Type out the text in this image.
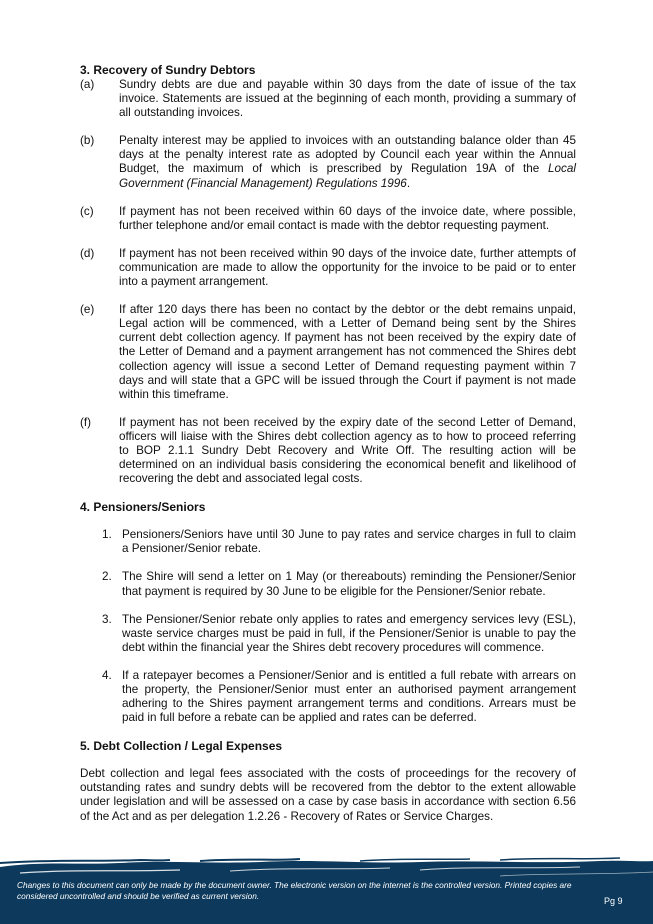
3. Recovery of Sundry Debtors
(a)	Sundry debts are due and payable within 30 days from the date of issue of the tax invoice. Statements are issued at the beginning of each month, providing a summary of all outstanding invoices.
(b)	Penalty interest may be applied to invoices with an outstanding balance older than 45 days at the penalty interest rate as adopted by Council each year within the Annual Budget, the maximum of which is prescribed by Regulation 19A of the Local Government (Financial Management) Regulations 1996.
(c)	If payment has not been received within 60 days of the invoice date, where possible, further telephone and/or email contact is made with the debtor requesting payment.
(d)	If payment has not been received within 90 days of the invoice date, further attempts of communication are made to allow the opportunity for the invoice to be paid or to enter into a payment arrangement.
(e)	If after 120 days there has been no contact by the debtor or the debt remains unpaid, Legal action will be commenced, with a Letter of Demand being sent by the Shires current debt collection agency. If payment has not been received by the expiry date of the Letter of Demand and a payment arrangement has not commenced the Shires debt collection agency will issue a second Letter of Demand requesting payment within 7 days and will state that a GPC will be issued through the Court if payment is not made within this timeframe.
(f)	If payment has not been received by the expiry date of the second Letter of Demand, officers will liaise with the Shires debt collection agency as to how to proceed referring to BOP 2.1.1 Sundry Debt Recovery and Write Off. The resulting action will be determined on an individual basis considering the economical benefit and likelihood of recovering the debt and associated legal costs.
4. Pensioners/Seniors
1. Pensioners/Seniors have until 30 June to pay rates and service charges in full to claim a Pensioner/Senior rebate.
2. The Shire will send a letter on 1 May (or thereabouts) reminding the Pensioner/Senior that payment is required by 30 June to be eligible for the Pensioner/Senior rebate.
3. The Pensioner/Senior rebate only applies to rates and emergency services levy (ESL), waste service charges must be paid in full, if the Pensioner/Senior is unable to pay the debt within the financial year the Shires debt recovery procedures will commence.
4. If a ratepayer becomes a Pensioner/Senior and is entitled a full rebate with arrears on the property, the Pensioner/Senior must enter an authorised payment arrangement adhering to the Shires payment arrangement terms and conditions. Arrears must be paid in full before a rebate can be applied and rates can be deferred.
5. Debt Collection / Legal Expenses

Debt collection and legal fees associated with the costs of proceedings for the recovery of outstanding rates and sundry debts will be recovered from the debtor to the extent allowable under legislation and will be assessed on a case by case basis in accordance with section 6.56 of the Act and as per delegation 1.2.26 - Recovery of Rates or Service Charges.

Changes to this document can only be made by the document owner. The electronic version on the internet is the controlled version. Printed copies are considered uncontrolled and should be verified as current version.	Pg 9
